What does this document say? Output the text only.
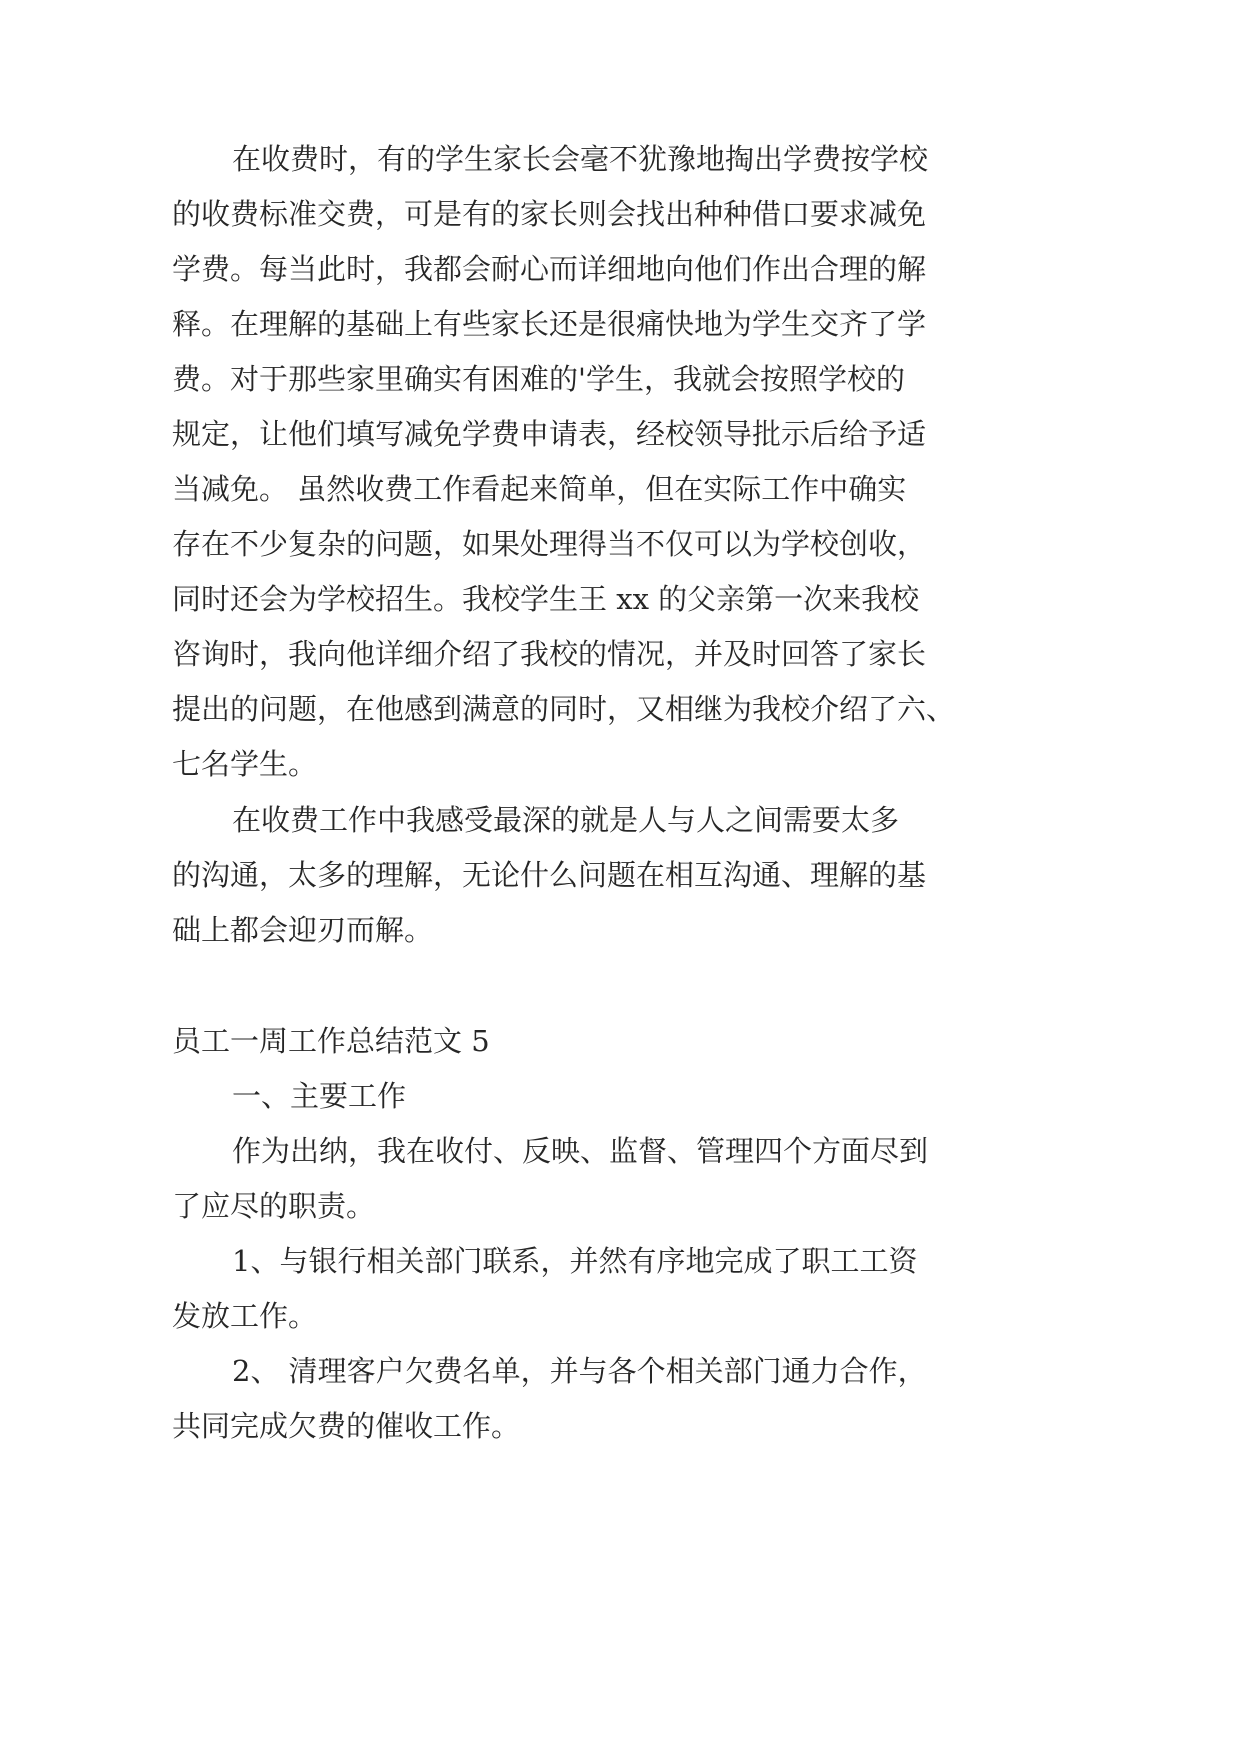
在收费时，有的学生家长会毫不犹豫地掏出学费按学校
的收费标准交费，可是有的家长则会找出种种借口要求减免
学费。每当此时，我都会耐心而详细地向他们作出合理的解
释。在理解的基础上有些家长还是很痛快地为学生交齐了学
费。对于那些家里确实有困难的'学生，我就会按照学校的
规定，让他们填写减免学费申请表，经校领导批示后给予适
当减免。 虽然收费工作看起来简单，但在实际工作中确实
存在不少复杂的问题，如果处理得当不仅可以为学校创收，
同时还会为学校招生。我校学生王 xx 的父亲第一次来我校
咨询时，我向他详细介绍了我校的情况，并及时回答了家长
提出的问题，在他感到满意的同时，又相继为我校介绍了六、
七名学生。
在收费工作中我感受最深的就是人与人之间需要太多
的沟通，太多的理解，无论什么问题在相互沟通、理解的基
础上都会迎刃而解。
员工一周工作总结范文 5
一、主要工作
作为出纳，我在收付、反映、监督、管理四个方面尽到
了应尽的职责。
1、与银行相关部门联系，并然有序地完成了职工工资
发放工作。
2、 清理客户欠费名单，并与各个相关部门通力合作，
共同完成欠费的催收工作。
